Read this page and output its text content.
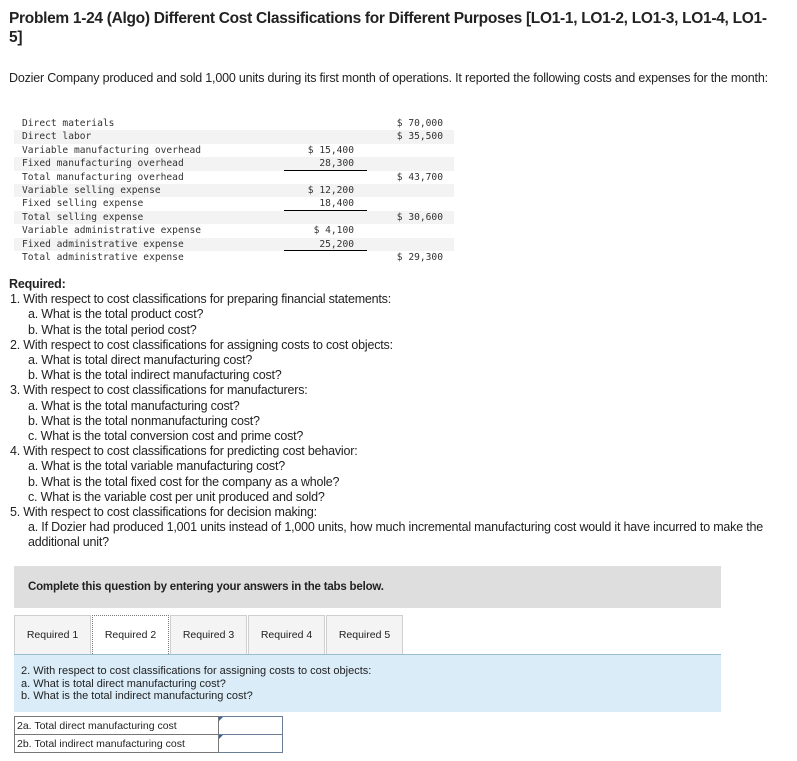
Problem 1-24 (Algo) Different Cost Classifications for Different Purposes [LO1-1, LO1-2, LO1-3, LO1-4, LO1-5]
Dozier Company produced and sold 1,000 units during its first month of operations. It reported the following costs and expenses for the month:
Direct materials	$ 70,000
Direct labor	$ 35,500
Variable manufacturing overhead	$ 15,400
Fixed manufacturing overhead	28,300
Total manufacturing overhead	$ 43,700
Variable selling expense	$ 12,200
Fixed selling expense	18,400
Total selling expense	$ 30,600
Variable administrative expense	$ 4,100
Fixed administrative expense	25,200
Total administrative expense	$ 29,300
Required:
1. With respect to cost classifications for preparing financial statements:
a. What is the total product cost?
b. What is the total period cost?
2. With respect to cost classifications for assigning costs to cost objects:
a. What is total direct manufacturing cost?
b. What is the total indirect manufacturing cost?
3. With respect to cost classifications for manufacturers:
a. What is the total manufacturing cost?
b. What is the total nonmanufacturing cost?
c. What is the total conversion cost and prime cost?
4. With respect to cost classifications for predicting cost behavior:
a. What is the total variable manufacturing cost?
b. What is the total fixed cost for the company as a whole?
c. What is the variable cost per unit produced and sold?
5. With respect to cost classifications for decision making:
a. If Dozier had produced 1,001 units instead of 1,000 units, how much incremental manufacturing cost would it have incurred to make the additional unit?
Complete this question by entering your answers in the tabs below.
Required 1	Required 2	Required 3	Required 4	Required 5
2. With respect to cost classifications for assigning costs to cost objects:
a. What is total direct manufacturing cost?
b. What is the total indirect manufacturing cost?
2a. Total direct manufacturing cost	
2b. Total indirect manufacturing cost	
